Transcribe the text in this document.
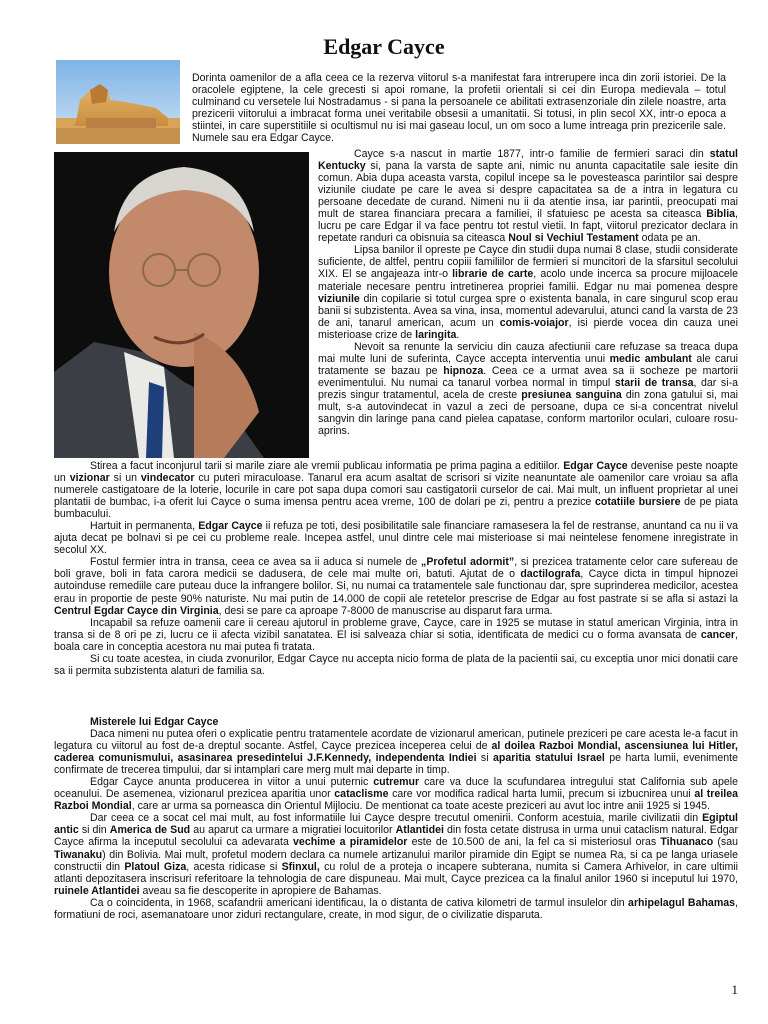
Edgar Cayce

Dorinta oamenilor de a afla ceea ce la rezerva viitorul s-a manifestat fara intrerupere inca din zorii istoriei. De la oracolele egiptene, la cele grecesti si apoi romane, la profetii orientali si cei din Europa medievala – totul culminand cu versetele lui Nostradamus - si pana la persoanele ce abilitati extrasenzoriale din zilele noastre, arta prezicerii viitorului a imbracat forma unei veritabile obsesii a umanitatii. Si totusi, in plin secol XX, intr-o epoca a stiintei, in care superstitiile si ocultismul nu isi mai gaseau locul, un om soco a lume intreaga prin prezicerile sale. Numele sau era Edgar Cayce.

Cayce s-a nascut in martie 1877, intr-o familie de fermieri saraci din statul Kentucky si, pana la varsta de sapte ani, nimic nu anunta capacitatile sale iesite din comun. Abia dupa aceasta varsta, copilul incepe sa le povesteasca parintilor sai despre viziunile ciudate pe care le avea si despre capacitatea sa de a intra in legatura cu persoane decedate de curand. Nimeni nu ii da atentie insa, iar parintii, preocupati mai mult de starea financiara precara a familiei, il sfatuiesc pe acesta sa citeasca Biblia, lucru pe care Edgar il va face pentru tot restul vietii. In fapt, viitorul prezicator declara in repetate randuri ca obisnuia sa citeasca Noul si Vechiul Testament odata pe an.

Lipsa banilor il opreste pe Cayce din studii dupa numai 8 clase, studii considerate suficiente, de altfel, pentru copiii familiilor de fermieri si muncitori de la sfarsitul secolului XIX. El se angajeaza intr-o librarie de carte, acolo unde incerca sa procure mijloacele materiale necesare pentru intretinerea propriei familii. Edgar nu mai pomenea despre viziunile din copilarie si totul curgea spre o existenta banala, in care singurul scop erau banii si subzistenta. Avea sa vina, insa, momentul adevarului, atunci cand la varsta de 23 de ani, tanarul american, acum un comis-voiajor, isi pierde vocea din cauza unei misterioase crize de laringita.

Nevoit sa renunte la serviciu din cauza afectiunii care refuzase sa treaca dupa mai multe luni de suferinta, Cayce accepta interventia unui medic ambulant ale carui tratamente se bazau pe hipnoza. Ceea ce a urmat avea sa ii socheze pe martorii evenimentului. Nu numai ca tanarul vorbea normal in timpul starii de transa, dar si-a prezis singur tratamentul, acela de creste presiunea sanguina din zona gatului si, mai mult, s-a autovindecat in vazul a zeci de persoane, dupa ce si-a concentrat nivelul sangvin din laringe pana cand pielea capatase, conform martorilor oculari, culoare rosu-aprins.

Stirea a facut inconjurul tarii si marile ziare ale vremii publicau informatia pe prima pagina a editiilor. Edgar Cayce devenise peste noapte un vizionar si un vindecator cu puteri miraculoase. Tanarul era acum asaltat de scrisori si vizite neanuntate ale oamenilor care vroiau sa afla numerele castigatoare de la loterie, locurile in care pot sapa dupa comori sau castigatorii curselor de cai. Mai mult, un influent proprietar al unei plantatii de bumbac, i-a oferit lui Cayce o suma imensa pentru acea vreme, 100 de dolari pe zi, pentru a prezice cotatiile bursiere de pe piata bumbacului.

Hartuit in permanenta, Edgar Cayce ii refuza pe toti, desi posibilitatile sale financiare ramasesera la fel de restranse, anuntand ca nu ii va ajuta decat pe bolnavi si pe cei cu probleme reale. Incepea astfel, unul dintre cele mai misterioase si mai neintelese fenomene inregistrate in secolul XX.

Fostul fermier intra in transa, ceea ce avea sa ii aduca si numele de „Profetul adormit”, si prezicea tratamente celor care sufereau de boli grave, boli in fata carora medicii se dadusera, de cele mai multe ori, batuti. Ajutat de o dactilografa, Cayce dicta in timpul hipnozei autoinduse remediile care puteau duce la infrangere bolilor. Si, nu numai ca tratamentele sale functionau dar, spre suprinderea medicilor, acestea erau in proportie de peste 90% naturiste. Nu mai putin de 14.000 de copii ale retetelor prescrise de Edgar au fost pastrate si se afla si astazi la Centrul Egdar Cayce din Virginia, desi se pare ca aproape 7-8000 de manuscrise au disparut fara urma.

Incapabil sa refuze oamenii care ii cereau ajutorul in probleme grave, Cayce, care in 1925 se mutase in statul american Virginia, intra in transa si de 8 ori pe zi, lucru ce ii afecta vizibil sanatatea. El isi salveaza chiar si sotia, identificata de medici cu o forma avansata de cancer, boala care in conceptia acestora nu mai putea fi tratata.

Si cu toate acestea, in ciuda zvonurilor, Edgar Cayce nu accepta nicio forma de plata de la pacientii sai, cu exceptia unor mici donatii care sa ii permita subzistenta alaturi de familia sa.

Misterele lui Edgar Cayce

Daca nimeni nu putea oferi o explicatie pentru tratamentele acordate de vizionarul american, putinele preziceri pe care acesta le-a facut in legatura cu viitorul au fost de-a dreptul socante. Astfel, Cayce prezicea inceperea celui de al doilea Razboi Mondial, ascensiunea lui Hitler, caderea comunismului, asasinarea presedintelui J.F.Kennedy, independenta Indiei si aparitia statului Israel pe harta lumii, evenimente confirmate de trecerea timpului, dar si intamplari care merg mult mai departe in timp.

Edgar Cayce anunta producerea in viitor a unui puternic cutremur care va duce la scufundarea intregului stat California sub apele oceanului. De asemenea, vizionarul prezicea aparitia unor cataclisme care vor modifica radical harta lumii, precum si izbucnirea unui al treilea Razboi Mondial, care ar urma sa porneasca din Orientul Mijlociu. De mentionat ca toate aceste preziceri au avut loc intre anii 1925 si 1945.

Dar ceea ce a socat cel mai mult, au fost informatiile lui Cayce despre trecutul omenirii. Conform acestuia, marile civilizatii din Egiptul antic si din America de Sud au aparut ca urmare a migratiei locuitorilor Atlantidei din fosta cetate distrusa in urma unui cataclism natural. Edgar Cayce afirma la inceputul secolului ca adevarata vechime a piramidelor este de 10.500 de ani, la fel ca si misteriosul oras Tihuanaco (sau Tiwanaku) din Bolivia. Mai mult, profetul modern declara ca numele artizanului marilor piramide din Egipt se numea Ra, si ca pe langa uriasele constructii din Platoul Giza, acesta ridicase si Sfinxul, cu rolul de a proteja o incapere subterana, numita si Camera Arhivelor, in care ultimii atlanti depozitasera inscrisuri referitoare la tehnologia de care dispuneau. Mai mult, Cayce prezicea ca la finalul anilor 1960 si inceputul lui 1970, ruinele Atlantidei aveau sa fie descoperite in apropiere de Bahamas.

Ca o coincidenta, in 1968, scafandrii americani identificau, la o distanta de cativa kilometri de tarmul insulelor din arhipelagul Bahamas, formatiuni de roci, asemanatoare unor ziduri rectangulare, create, in mod sigur, de o civilizatie disparuta.

1
